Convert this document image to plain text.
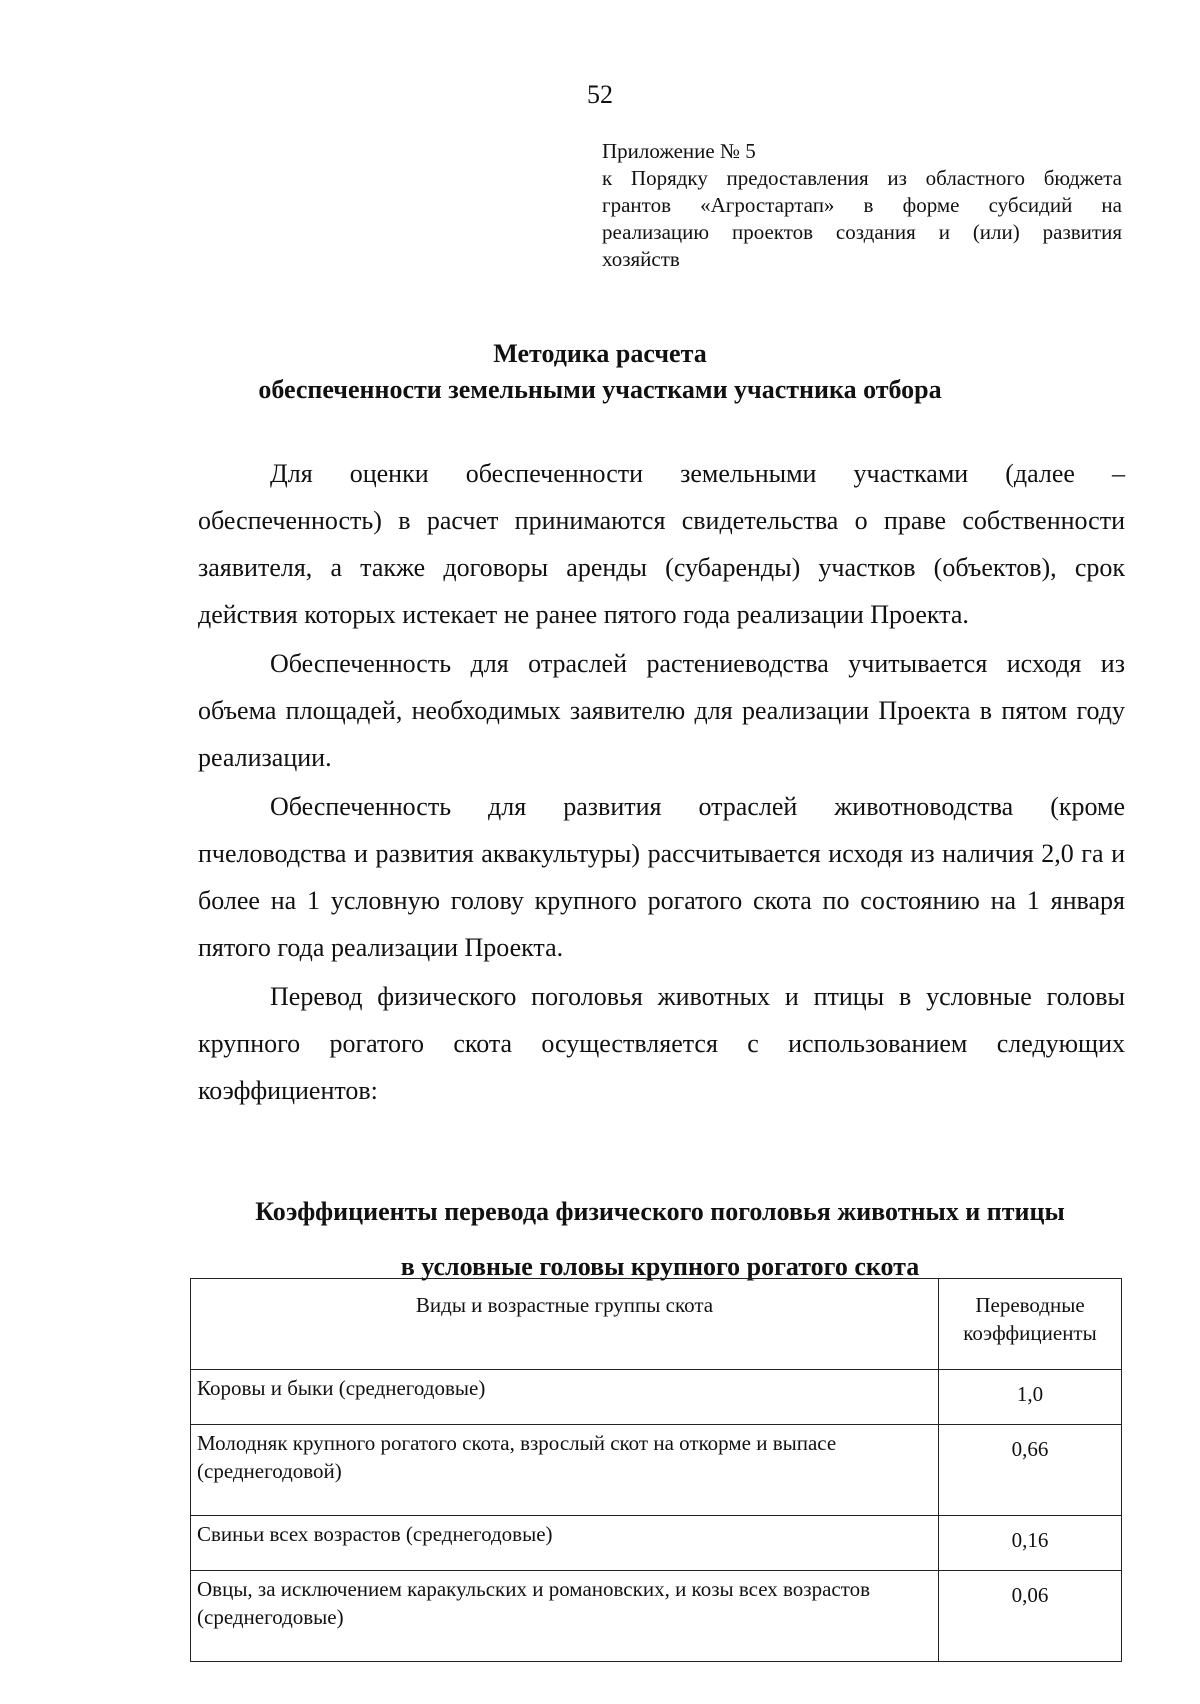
52
Приложение № 5
к Порядку предоставления из областного бюджета
грантов «Агростартап» в форме субсидий на
реализацию проектов создания и (или) развития
хозяйств
Методика расчета
обеспеченности земельными участками участника отбора

Для оценки обеспеченности земельными участками (далее – обеспеченность) в расчет принимаются свидетельства о праве собственности заявителя, а также договоры аренды (субаренды) участков (объектов), срок действия которых истекает не ранее пятого года реализации Проекта.

Обеспеченность для отраслей растениеводства учитывается исходя из объема площадей, необходимых заявителю для реализации Проекта в пятом году реализации.

Обеспеченность для развития отраслей животноводства (кроме пчеловодства и развития аквакультуры) рассчитывается исходя из наличия 2,0 га и более на 1 условную голову крупного рогатого скота по состоянию на 1 января пятого года реализации Проекта.

Перевод физического поголовья животных и птицы в условные головы крупного рогатого скота осуществляется с использованием следующих коэффициентов:

Коэффициенты перевода физического поголовья животных и птицы
в условные головы крупного рогатого скота
Виды и возрастные группы скота	Переводные коэффициенты
Коровы и быки (среднегодовые)	1,0
Молодняк крупного рогатого скота, взрослый скот на откорме и выпасе (среднегодовой)	0,66
Свиньи всех возрастов (среднегодовые)	0,16
Овцы, за исключением каракульских и романовских, и козы всех возрастов (среднегодовые)	0,06
